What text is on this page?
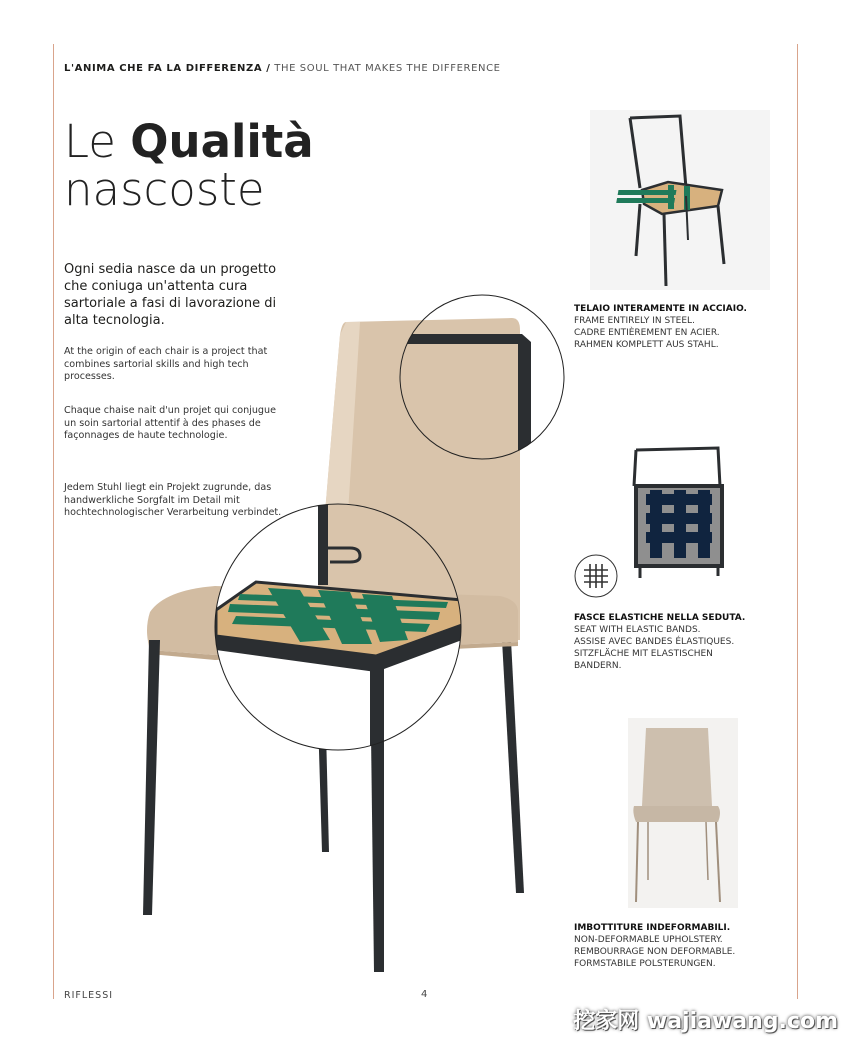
L'ANIMA CHE FA LA DIFFERENZA / THE SOUL THAT MAKES THE DIFFERENCE
Le Qualità
nascoste
Ogni sedia nasce da un progetto che coniuga un'attenta cura sartoriale a fasi di lavorazione di alta tecnologia.
At the origin of each chair is a project that combines sartorial skills and high tech processes.
Chaque chaise nait d'un projet qui conjugue un soin sartorial attentif à des phases de façonnages de haute technologie.
Jedem Stuhl liegt ein Projekt zugrunde, das handwerkliche Sorgfalt im Detail mit hochtechnologischer Verarbeitung verbindet.
TELAIO INTERAMENTE IN ACCIAIO.
FRAME ENTIRELY IN STEEL.
CADRE ENTIÈREMENT EN ACIER.
RAHMEN KOMPLETT AUS STAHL.
FASCE ELASTICHE NELLA SEDUTA.
SEAT WITH ELASTIC BANDS.
ASSISE AVEC BANDES ÉLASTIQUES.
SITZFLÄCHE MIT ELASTISCHEN
BANDERN.
IMBOTTITURE INDEFORMABILI.
NON-DEFORMABLE UPHOLSTERY.
REMBOURRAGE NON DEFORMABLE.
FORMSTABILE POLSTERUNGEN.
RIFLESSI	4
挖家网 wajiawang.com
